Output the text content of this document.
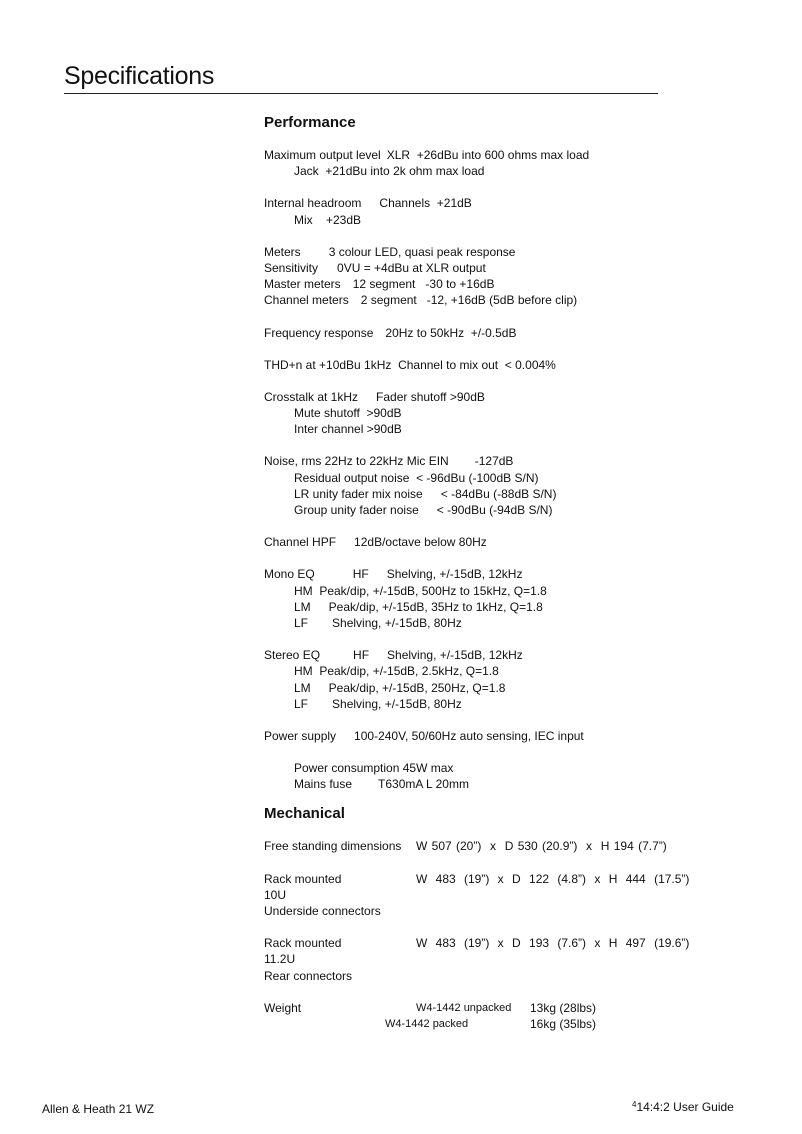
Specifications
Performance
Maximum output level XLR  +26dBu into 600 ohms max load
Jack  +21dBu into 2k ohm max load
Internal headroom Channels  +21dB
Mix    +23dB
Meters 3 colour LED, quasi peak response
Sensitivity 0VU = +4dBu at XLR output
Master meters 12 segment   -30 to +16dB
Channel meters 2 segment   -12, +16dB (5dB before clip)
Frequency response 20Hz to 50kHz  +/-0.5dB
THD+n at +10dBu 1kHz  Channel to mix out  < 0.004%
Crosstalk at 1kHz Fader shutoff >90dB
Mute shutoff  >90dB
Inter channel >90dB
Noise, rms 22Hz to 22kHz Mic EIN -127dB
Residual output noise  < -96dBu (-100dB S/N)
LR unity fader mix noise < -84dBu (-88dB S/N)
Group unity fader noise < -90dBu (-94dB S/N)
Channel HPF 12dB/octave below 80Hz
Mono EQ	HF Shelving, +/-15dB, 12kHz
HM  Peak/dip, +/-15dB, 500Hz to 15kHz, Q=1.8
LM Peak/dip, +/-15dB, 35Hz to 1kHz, Q=1.8
LF Shelving, +/-15dB, 80Hz
Stereo EQ	HF Shelving, +/-15dB, 12kHz
HM  Peak/dip, +/-15dB, 2.5kHz, Q=1.8
LM Peak/dip, +/-15dB, 250Hz, Q=1.8
LF Shelving, +/-15dB, 80Hz
Power supply 100-240V, 50/60Hz auto sensing, IEC input
Power consumption 45W max
Mains fuse T630mA L 20mm
Mechanical
Free standing dimensions W 507 (20”)  x  D 530 (20.9”)  x  H 194 (7.7”)
Rack mounted	W 483 (19”) x D 122 (4.8”) x H 444 (17.5”)
10U
Underside connectors
Rack mounted	W 483 (19”) x D 193 (7.6”) x H 497 (19.6”)
11.2U
Rear connectors
Weight	W4-1442 unpacked 13kg (28lbs)
W4-1442 packed	16kg (35lbs)
Allen & Heath 21 WZ	$^4$14:4:2 User Guide
